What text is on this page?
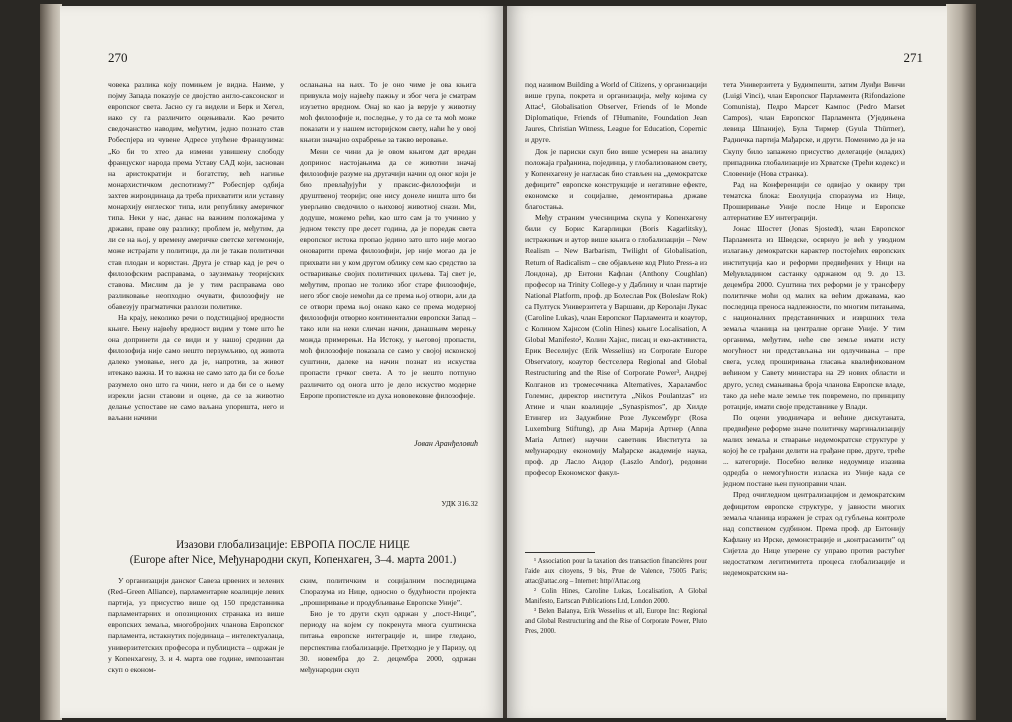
270

човека разлика коју помињем је видна. Наиме, у појму Запада показује се двојство англо-саксонског и европског света. Јасно су га видели и Берк и Хегел, иако су га различито оцењивали. Као речито сведочанство наводим, међутим, једно познато став Робеспјера из чувене Адресе упућене Французима: „Ко би то хтео да измени узвишену слободу француског народа према Уставу САД који, заснован на аристократији и богатству, већ нагиње монархистичком деспотизму?” Робеспјер одбија захтев жирондинаца да треба прихватити или уставну монархију енглеског типа, или републику америчког типа. Неки у нас, данас на важним положајима у држави, праве ову разлику; проблем је, међутим, да ли се на њој, у времену америчке светске хегемоније, може истрајати у политици, да ли је такав политички став плодан и користан. Друга је ствар кад је реч о филозофским расправама, о заузимању теоријских ставова. Мислим да је у тим расправама ово разликовање неопходно очувати, филозофију не обавезују прагматички разлози политике.

На крају, неколико речи о подстицајној вредности књиге. Њену највећу вредност видим у томе што ће она допринети да се види и у нашој средини да филозофија није само нешто перзумљиво, од живота далеко умовање, него да је, напротив, за живот итекако важна. И то важна не само зато да би се боље разумело оно што га чини, него и да би се о њему изрекли јасни ставови и оцене, да се за животно делање успоставе не само ваљана упоришта, него и ваљани начини

ослањања на њих. То је оно чиме је ова књига привукла моју највећу пажњу и због чега је сматрам изузетно вредном. Онај ко као ја верује у животну моћ филозофије и, последње, у то да се та моћ може показати и у нашем историјском свету, наћи ће у овој књизи значајно охрабрење за такво веровање.

Мени се чини да је овом књигом дат вредан допринос настојањима да се животни значај филозофије разуме на другачији начин од оног који је био превлађујући у праксис-филозофији и друштвеној теорији; оне нису донеле ништа што би уверљиво сведочило о њиховој животној снази. Ми, додуше, можемо рећи, као што сам ја то учинио у једном тексту пре десет година, да је поредак света европског истока пропао једино зато што није могао оноварити према филозофији, јер није могао да је прихвати ни у ком другом облику сем као средство за остваривање својих политичких циљева. Тај свет је, међутим, пропао не толико због старе филозофије, него због своје немоћи да се према њој отвори, али да се отвори према њој онако како се према модерној филозофији отворио континентални европски Запад – тако или на неки сличан начин, данашњим мерењу можда примерењи. На Истоку, у његовој пропасти, моћ филозофије показала се само у својој исконској суштини, далеке на начин познат из искуства пропасти грчког света. А то је нешто потпуно различито од онога што је дело искуство модерне Европе пропистекле из духа нововековне филозофије.

Јован Аранђеловић
УДК 316.32
Изазови глобализације: ЕВРОПА ПОСЛЕ НИЦЕ
(Europe after Nice, Међународни скуп, Копенхаген, 3–4. марта 2001.)

У организацији данског Савеза црвених и зелених (Red–Green Alliance), парламентарне коалиције левих партија, уз присуство више од 150 представника парламентарних и опозиционих странака из више европских земаља, многобројних чланова Европског парламента, истакнутих појединаца – интелектуалаца, универзитетских професора и публициста – одржан је у Копенхагену, 3. и 4. марта ове године, импозантан скуп о економ-

ским, политичким и социјалним последицама Споразума из Нице, односно о будућности пројекта „проширивање и продубљивање Европске Уније”.

Био је то други скуп одржан у „пост-Ници”, периоду на којем су покренута многа суштинска питања европске интеграције и, шире гледано, перспектива глобализације. Претходно је у Паризу, од 30. новембра до 2. децембра 2000, одржан међународни скуп

271

под називом Building a World of Citizens, у организацији више група, покрета и организација, међу којима су Attac¹, Globalisation Observer, Friends of le Monde Diplomatique, Friends of l'Humanite, Foundation Jean Jaures, Christian Witness, League for Education, Copernic и друге.

Док је париски скуп био више усмерен на анализу положаја грађанина, појединца, у глобализованом свету, у Копенхагену је нагласак био стављен на „демократске дефиците” европске конструкције и негативне ефекте, економске и социјалне, демонтирања државе благостања.

Међу страним учесницима скупа у Копенхагену били су Борис Кагарлицки (Boris Kagarlitsky), истраживач и аутор више књига о глобализацији – New Realism – New Barbarism, Twilight of Globalisation, Return of Radicalism – све објављене код Pluto Press-а из Лондона), др Ентони Кафлан (Anthony Coughlan) професор на Trinity College-у у Даблину и члан партије National Platform, проф. др Болеслав Рок (Boleslaw Rok) са Пултуск Универзитета у Варшави, др Керолајн Лукас (Caroline Lukas), члан Европског Парламента и коаутор, с Колином Хајнсом (Colin Hines) књиге Localisation, A Global Manifesto², Колин Хајнс, писац и еко-активиста, Ерик Веселијус (Erik Wesselius) из Corporate Europe Observatory, коаутор бестселера Regional and Global Restructuring and the Rise of Corporate Power³, Андреј Колганов из тромесечника Alternatives, Хараламбос Големис, директор института „Nikos Poulantzas” из Атине и члан коалиције „Synaspismos”, др Хилде Етингер из Задужбине Розе Луксембург (Rosa Luxemburg Stiftung), др Ана Марија Артнер (Anna Maria Artner) научни саветник Института за међународну економију Мађарске академије наука, проф. др Ласло Андор (Laszlo Andor), редовни професор Економског факул-

¹ Association pour la taxation des transaction financières pour l'aide aux citoyens, 9 bis, Prue de Valence, 75005 Paris; attac@attac.org – Internet: http//Attac.org

² Colin Hines, Caroline Lukas, Localisation, A Global Manifesto, Eartscan Publications Ltd, London 2000.

³ Belen Balanya, Erik Wesselius et all, Europe Inc: Regional and Global Restructuring and the Rise of Corporate Power, Pluto Pres, 2000.

тета Универзитета у Будимпешти, затим Луиђи Винчи (Luigi Vinci), члан Европског Парламента (Rifondazione Comunista), Педро Марсет Кампос (Pedro Marset Campos), члан Европског Парламента (Уједињена левица Шпаније), Була Тирмер (Gyula Thürmer), Радничка партија Мађарске, и други. Поменимо да је на Скупу било запажено присуство делегације (младих) припадника глобализације из Хрватске (Трећи кодекс) и Словеније (Нова странка).

Рад на Конференцији се одвијао у оквиру три тематска блока: Еволуција споразума из Нице, Проширивање Уније после Нице и Европске алтернативе ЕУ интеграцији.

Јонас Шостет (Jonas Sjostedt), члан Европског Парламента из Шведске, осврнуо је већ у уводном излагању демократски карактер постојећих европских институција као и реформи предвиђених у Ници на Међувладином састанку одржаном од 9. до 13. децембра 2000. Суштина тих реформи је у трансферу политичке моћи од малих ка већим државама, као последица преноса надлежности, по многим питањима, с националних представничких и извршних тела земаља чланица на централне органе Уније. У тим органима, међутим, неће све земље имати исту могућност ни представљања ни одлучивања – пре свега, услед проширивања гласања квалификованом већином у Савету министара на 29 нових области и друго, услед смањивања броја чланова Европске владе, тако да неће мале земље тек повремено, по принципу ротације, имати своје представнике у Влади.

По оцени уводничара и већине дискутаната, предвиђене реформе значе политичку маргинализацију малих земаља и стварање недемократске структуре у којој ће се грађани делити на грађане прве, друге, треће ... категорије. Посебно велике недоумице изазива одредба о немогућности изласка из Уније када се једном постане њен пуноправни члан.

Пред очигледном централизацијом и демократским дефицитом европске структуре, у јавности многих земаља чланица изражен је страх од губљења контроле над сопственом судбином. Према проф. др Ентонију Кафлану из Ирске, демонстрације и „контрасамити” од Сијетла до Нице уперене су управо против растућег недостатком легитимитета процеса глобализације и недемократским на-
